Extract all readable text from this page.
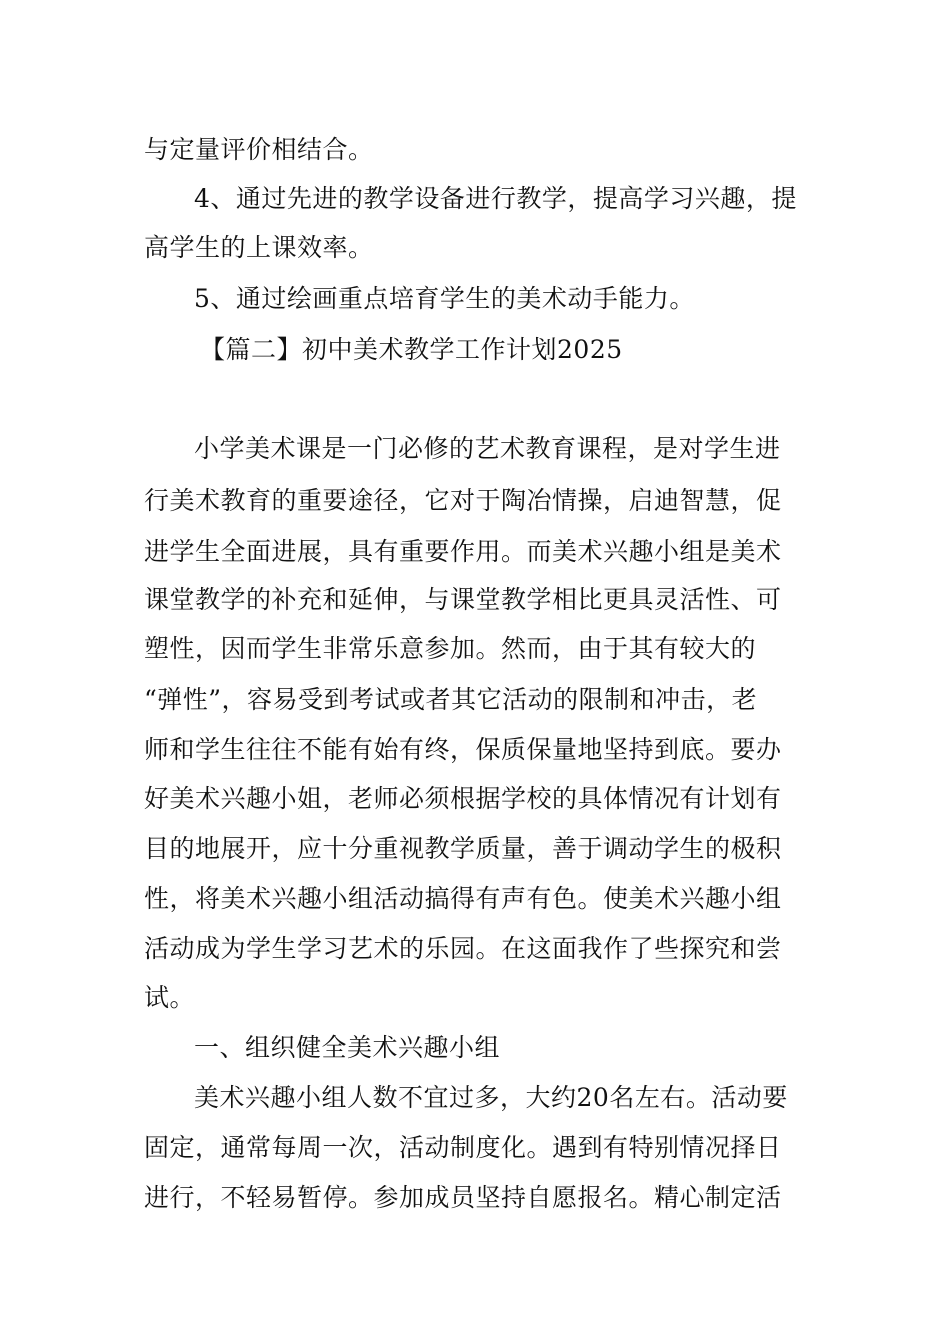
与定量评价相结合。
4、通过先进的教学设备进行教学，提高学习兴趣，提
高学生的上课效率。
5、通过绘画重点培育学生的美术动手能力。
【篇二】初中美术教学工作计划2025
小学美术课是一门必修的艺术教育课程，是对学生进
行美术教育的重要途径，它对于陶冶情操，启迪智慧，促
进学生全面进展，具有重要作用。而美术兴趣小组是美术
课堂教学的补充和延伸，与课堂教学相比更具灵活性、可
塑性，因而学生非常乐意参加。然而，由于其有较大的
“弹性”，容易受到考试或者其它活动的限制和冲击，老
师和学生往往不能有始有终，保质保量地坚持到底。要办
好美术兴趣小姐，老师必须根据学校的具体情况有计划有
目的地展开，应十分重视教学质量，善于调动学生的极积
性，将美术兴趣小组活动搞得有声有色。使美术兴趣小组
活动成为学生学习艺术的乐园。在这面我作了些探究和尝
试。
一、组织健全美术兴趣小组
美术兴趣小组人数不宜过多，大约20名左右。活动要
固定，通常每周一次，活动制度化。遇到有特别情况择日
进行，不轻易暂停。参加成员坚持自愿报名。精心制定活
